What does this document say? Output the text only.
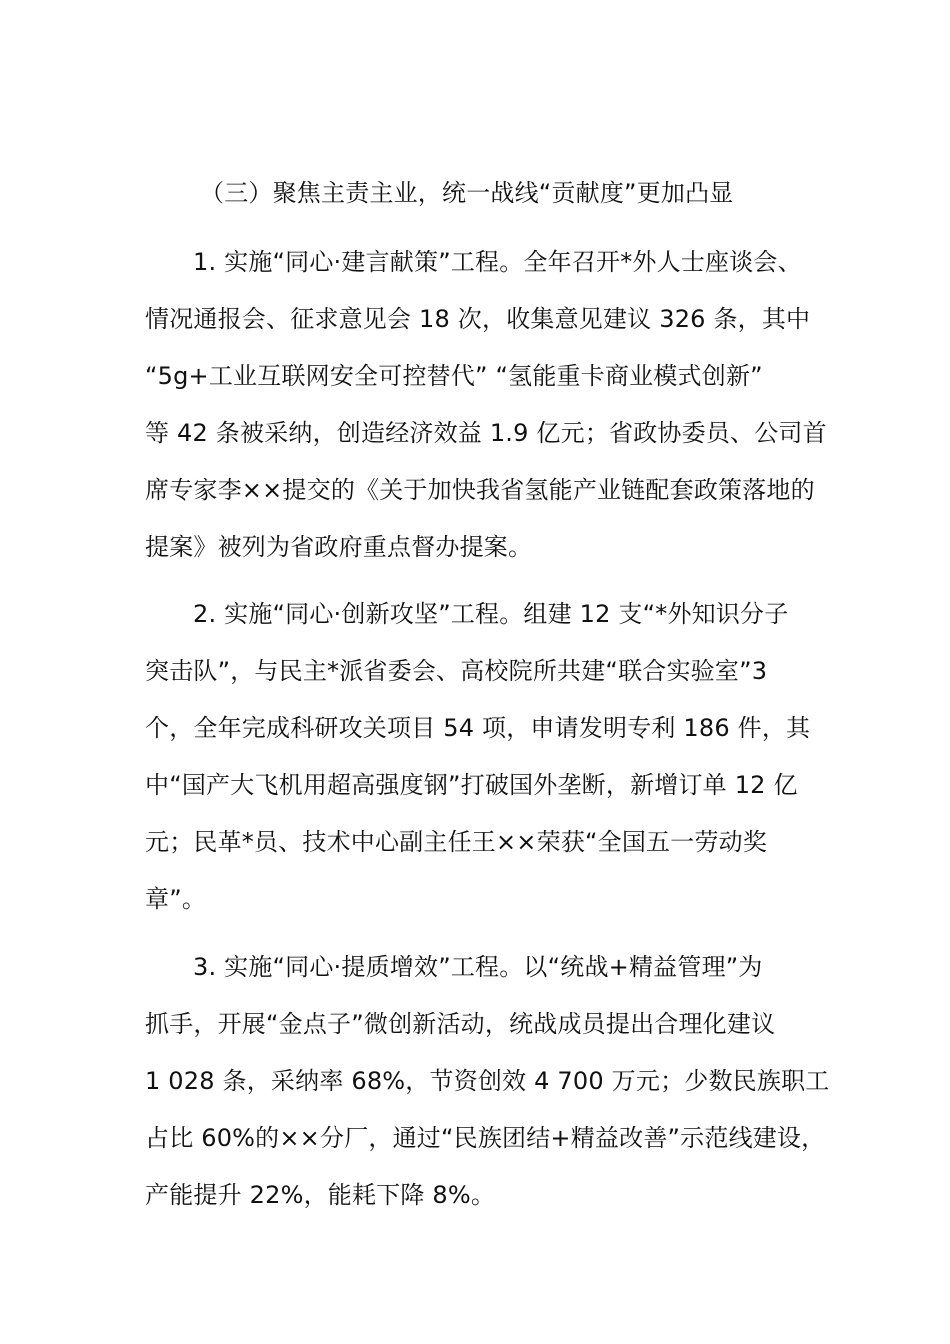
（三）聚焦主责主业，统一战线“贡献度”更加凸显
1. 实施“同心·建言献策”工程。全年召开*外人士座谈会、
情况通报会、征求意见会 18 次，收集意见建议 326 条，其中
“5g+工业互联网安全可控替代” “氢能重卡商业模式创新”
等 42 条被采纳，创造经济效益 1.9 亿元；省政协委员、公司首
席专家李××提交的《关于加快我省氢能产业链配套政策落地的
提案》被列为省政府重点督办提案。
2. 实施“同心·创新攻坚”工程。组建 12 支“*外知识分子
突击队”，与民主*派省委会、高校院所共建“联合实验室”3
个，全年完成科研攻关项目 54 项，申请发明专利 186 件，其
中“国产大飞机用超高强度钢”打破国外垄断，新增订单 12 亿
元；民革*员、技术中心副主任王××荣获“全国五一劳动奖
章”。
3. 实施“同心·提质增效”工程。以“统战+精益管理”为
抓手，开展“金点子”微创新活动，统战成员提出合理化建议
1 028 条，采纳率 68%，节资创效 4 700 万元；少数民族职工
占比 60%的××分厂，通过“民族团结+精益改善”示范线建设，
产能提升 22%，能耗下降 8%。
